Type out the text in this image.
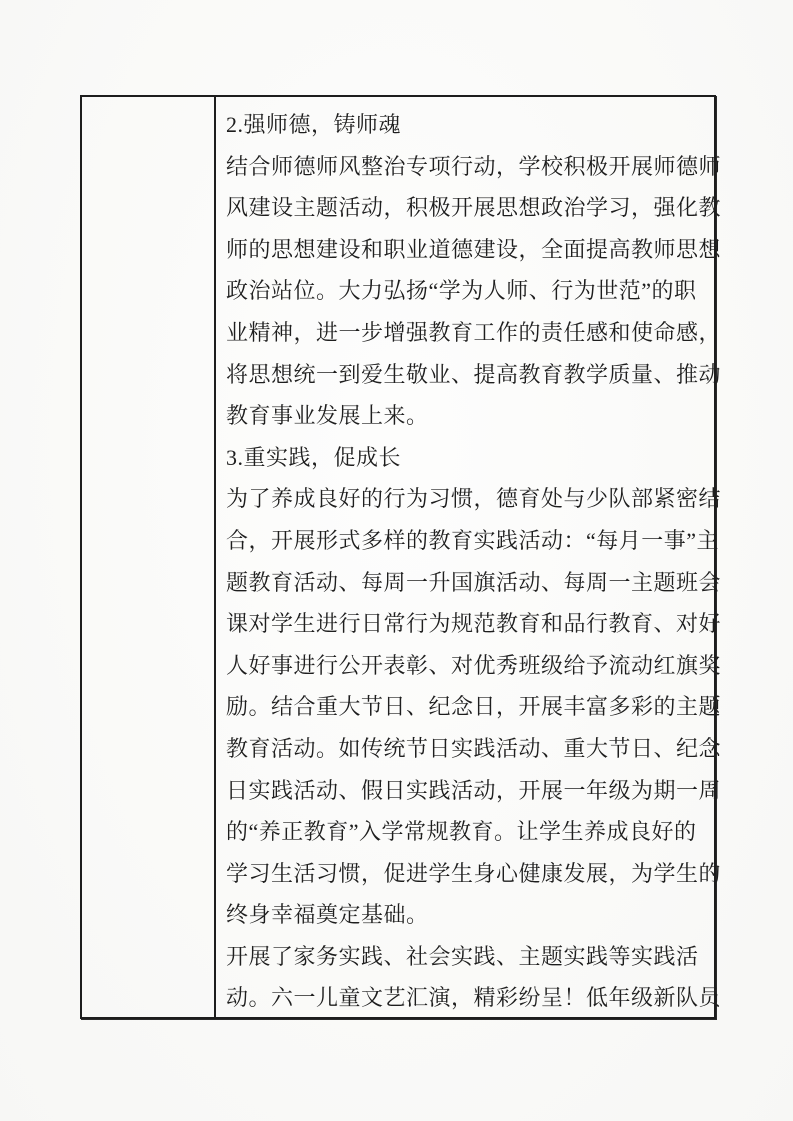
2.强师德，铸师魂
结合师德师风整治专项行动，学校积极开展师德师
风建设主题活动，积极开展思想政治学习，强化教
师的思想建设和职业道德建设，全面提高教师思想
政治站位。大力弘扬“学为人师、行为世范”的职
业精神，进一步增强教育工作的责任感和使命感，
将思想统一到爱生敬业、提高教育教学质量、推动
教育事业发展上来。
3.重实践，促成长
为了养成良好的行为习惯，德育处与少队部紧密结
合，开展形式多样的教育实践活动：“每月一事”主
题教育活动、每周一升国旗活动、每周一主题班会
课对学生进行日常行为规范教育和品行教育、对好
人好事进行公开表彰、对优秀班级给予流动红旗奖
励。结合重大节日、纪念日，开展丰富多彩的主题
教育活动。如传统节日实践活动、重大节日、纪念
日实践活动、假日实践活动，开展一年级为期一周
的“养正教育”入学常规教育。让学生养成良好的
学习生活习惯，促进学生身心健康发展，为学生的
终身幸福奠定基础。
开展了家务实践、社会实践、主题实践等实践活
动。六一儿童文艺汇演，精彩纷呈！低年级新队员
